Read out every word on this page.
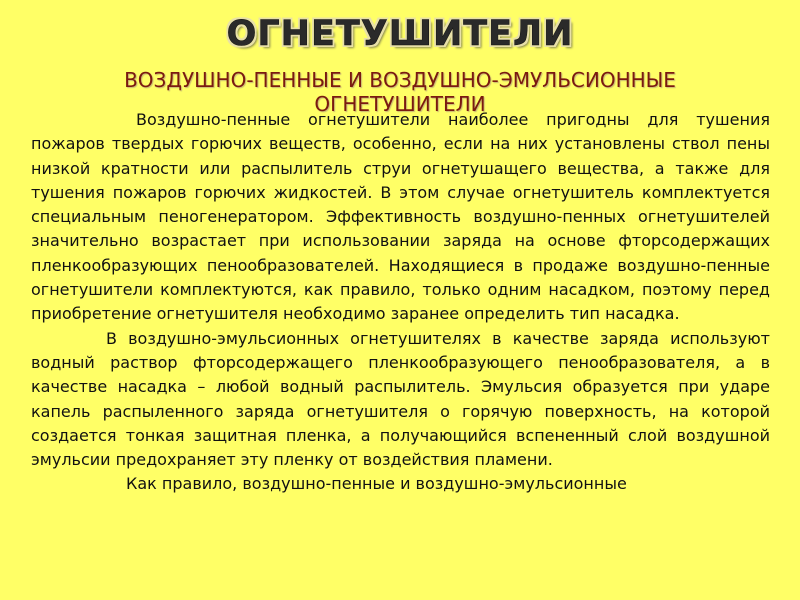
ОГНЕТУШИТЕЛИ
ВОЗДУШНО-ПЕННЫЕ И ВОЗДУШНО-ЭМУЛЬСИОННЫЕ ОГНЕТУШИТЕЛИ

Воздушно-пенные огнетушители наиболее пригодны для тушения пожаров твердых горючих веществ, особенно, если на них установлены ствол пены низкой кратности или распылитель струи огнетушащего вещества, а также для тушения пожаров горючих жидкостей. В этом случае огнетушитель комплектуется специальным пеногенератором. Эффективность воздушно-пенных огнетушителей значительно возрастает при использовании заряда на основе фторсодержащих пленкообразующих пенообразователей. Находящиеся в продаже воздушно-пенные огнетушители комплектуются, как правило, только одним насадком, поэтому перед приобретение огнетушителя необходимо заранее определить тип насадка.

В воздушно-эмульсионных огнетушителях в качестве заряда используют водный раствор фторсодержащего пленкообразующего пенообразователя, а в качестве насадка – любой водный распылитель. Эмульсия образуется при ударе капель распыленного заряда огнетушителя о горячую поверхность, на которой создается тонкая защитная пленка, а получающийся вспененный слой воздушной эмульсии предохраняет эту пленку от воздействия пламени.

Как правило, воздушно-пенные и воздушно-эмульсионные
